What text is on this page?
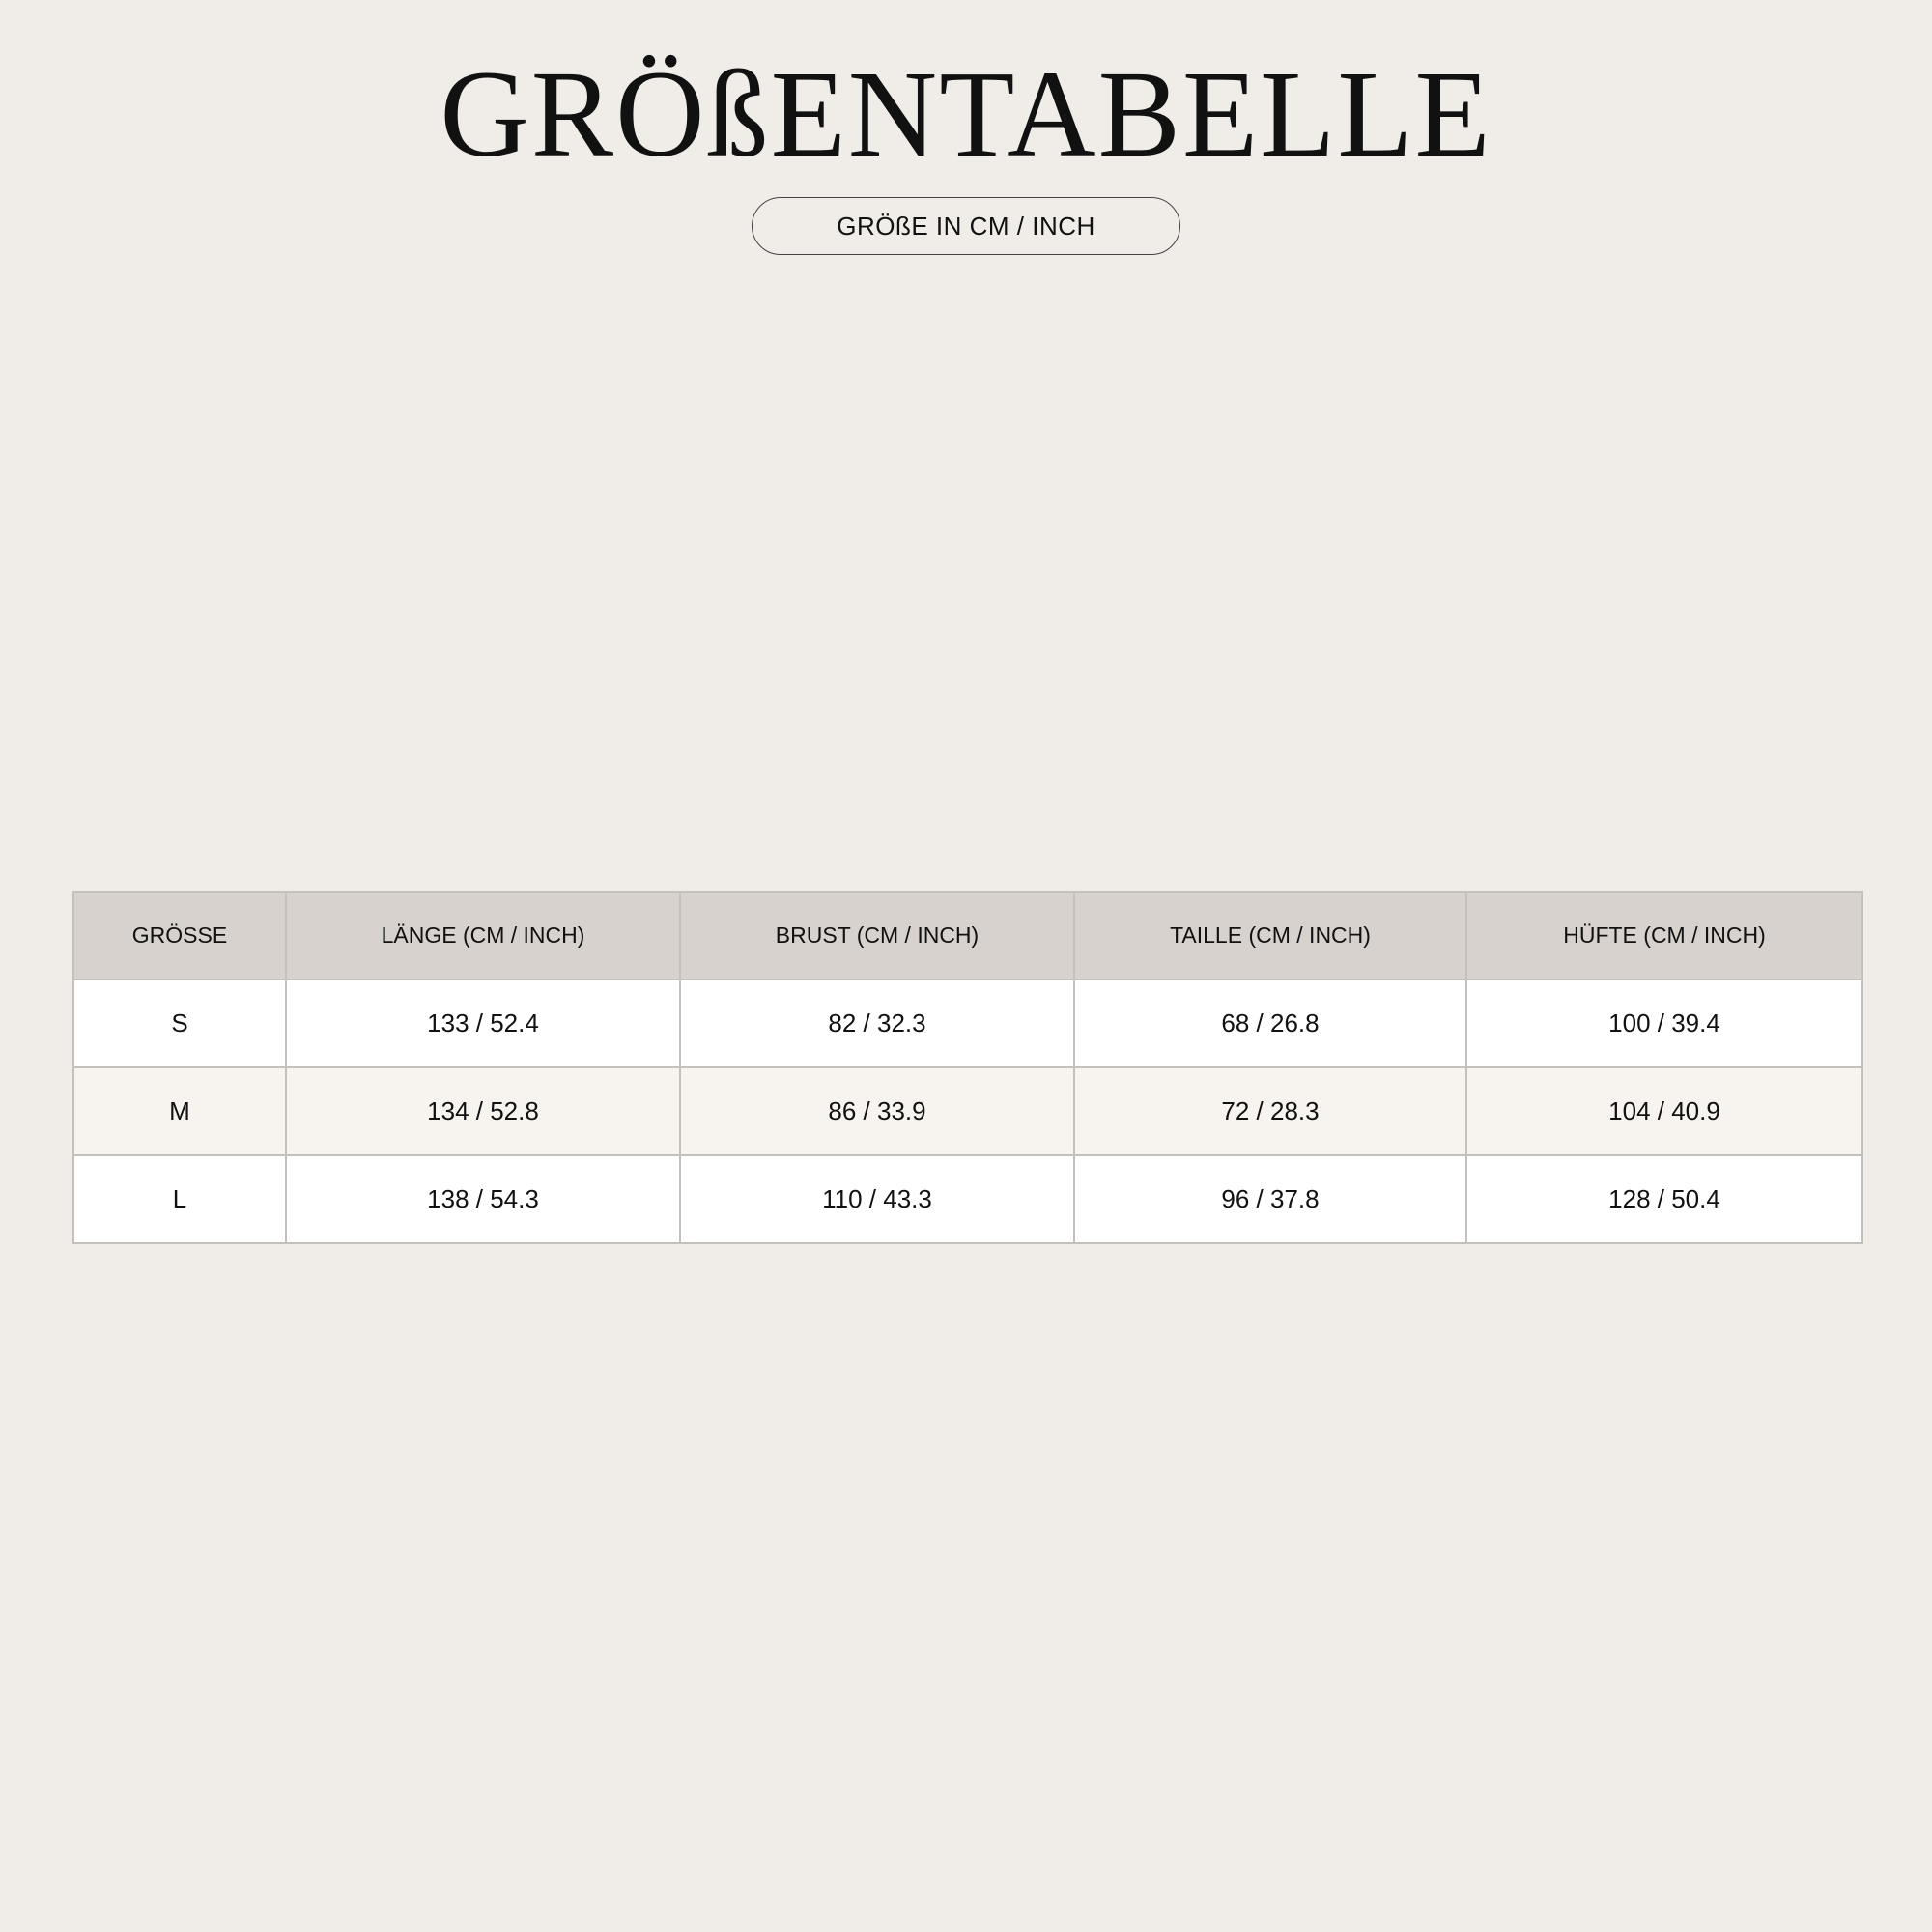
GRÖßENTABELLE
GRÖßE IN CM / INCH
GRÖSSE	LÄNGE (CM / INCH)	BRUST (CM / INCH)	TAILLE (CM / INCH)	HÜFTE (CM / INCH)
S	133 / 52.4	82 / 32.3	68 / 26.8	100 / 39.4
M	134 / 52.8	86 / 33.9	72 / 28.3	104 / 40.9
L	138 / 54.3	110 / 43.3	96 / 37.8	128 / 50.4
